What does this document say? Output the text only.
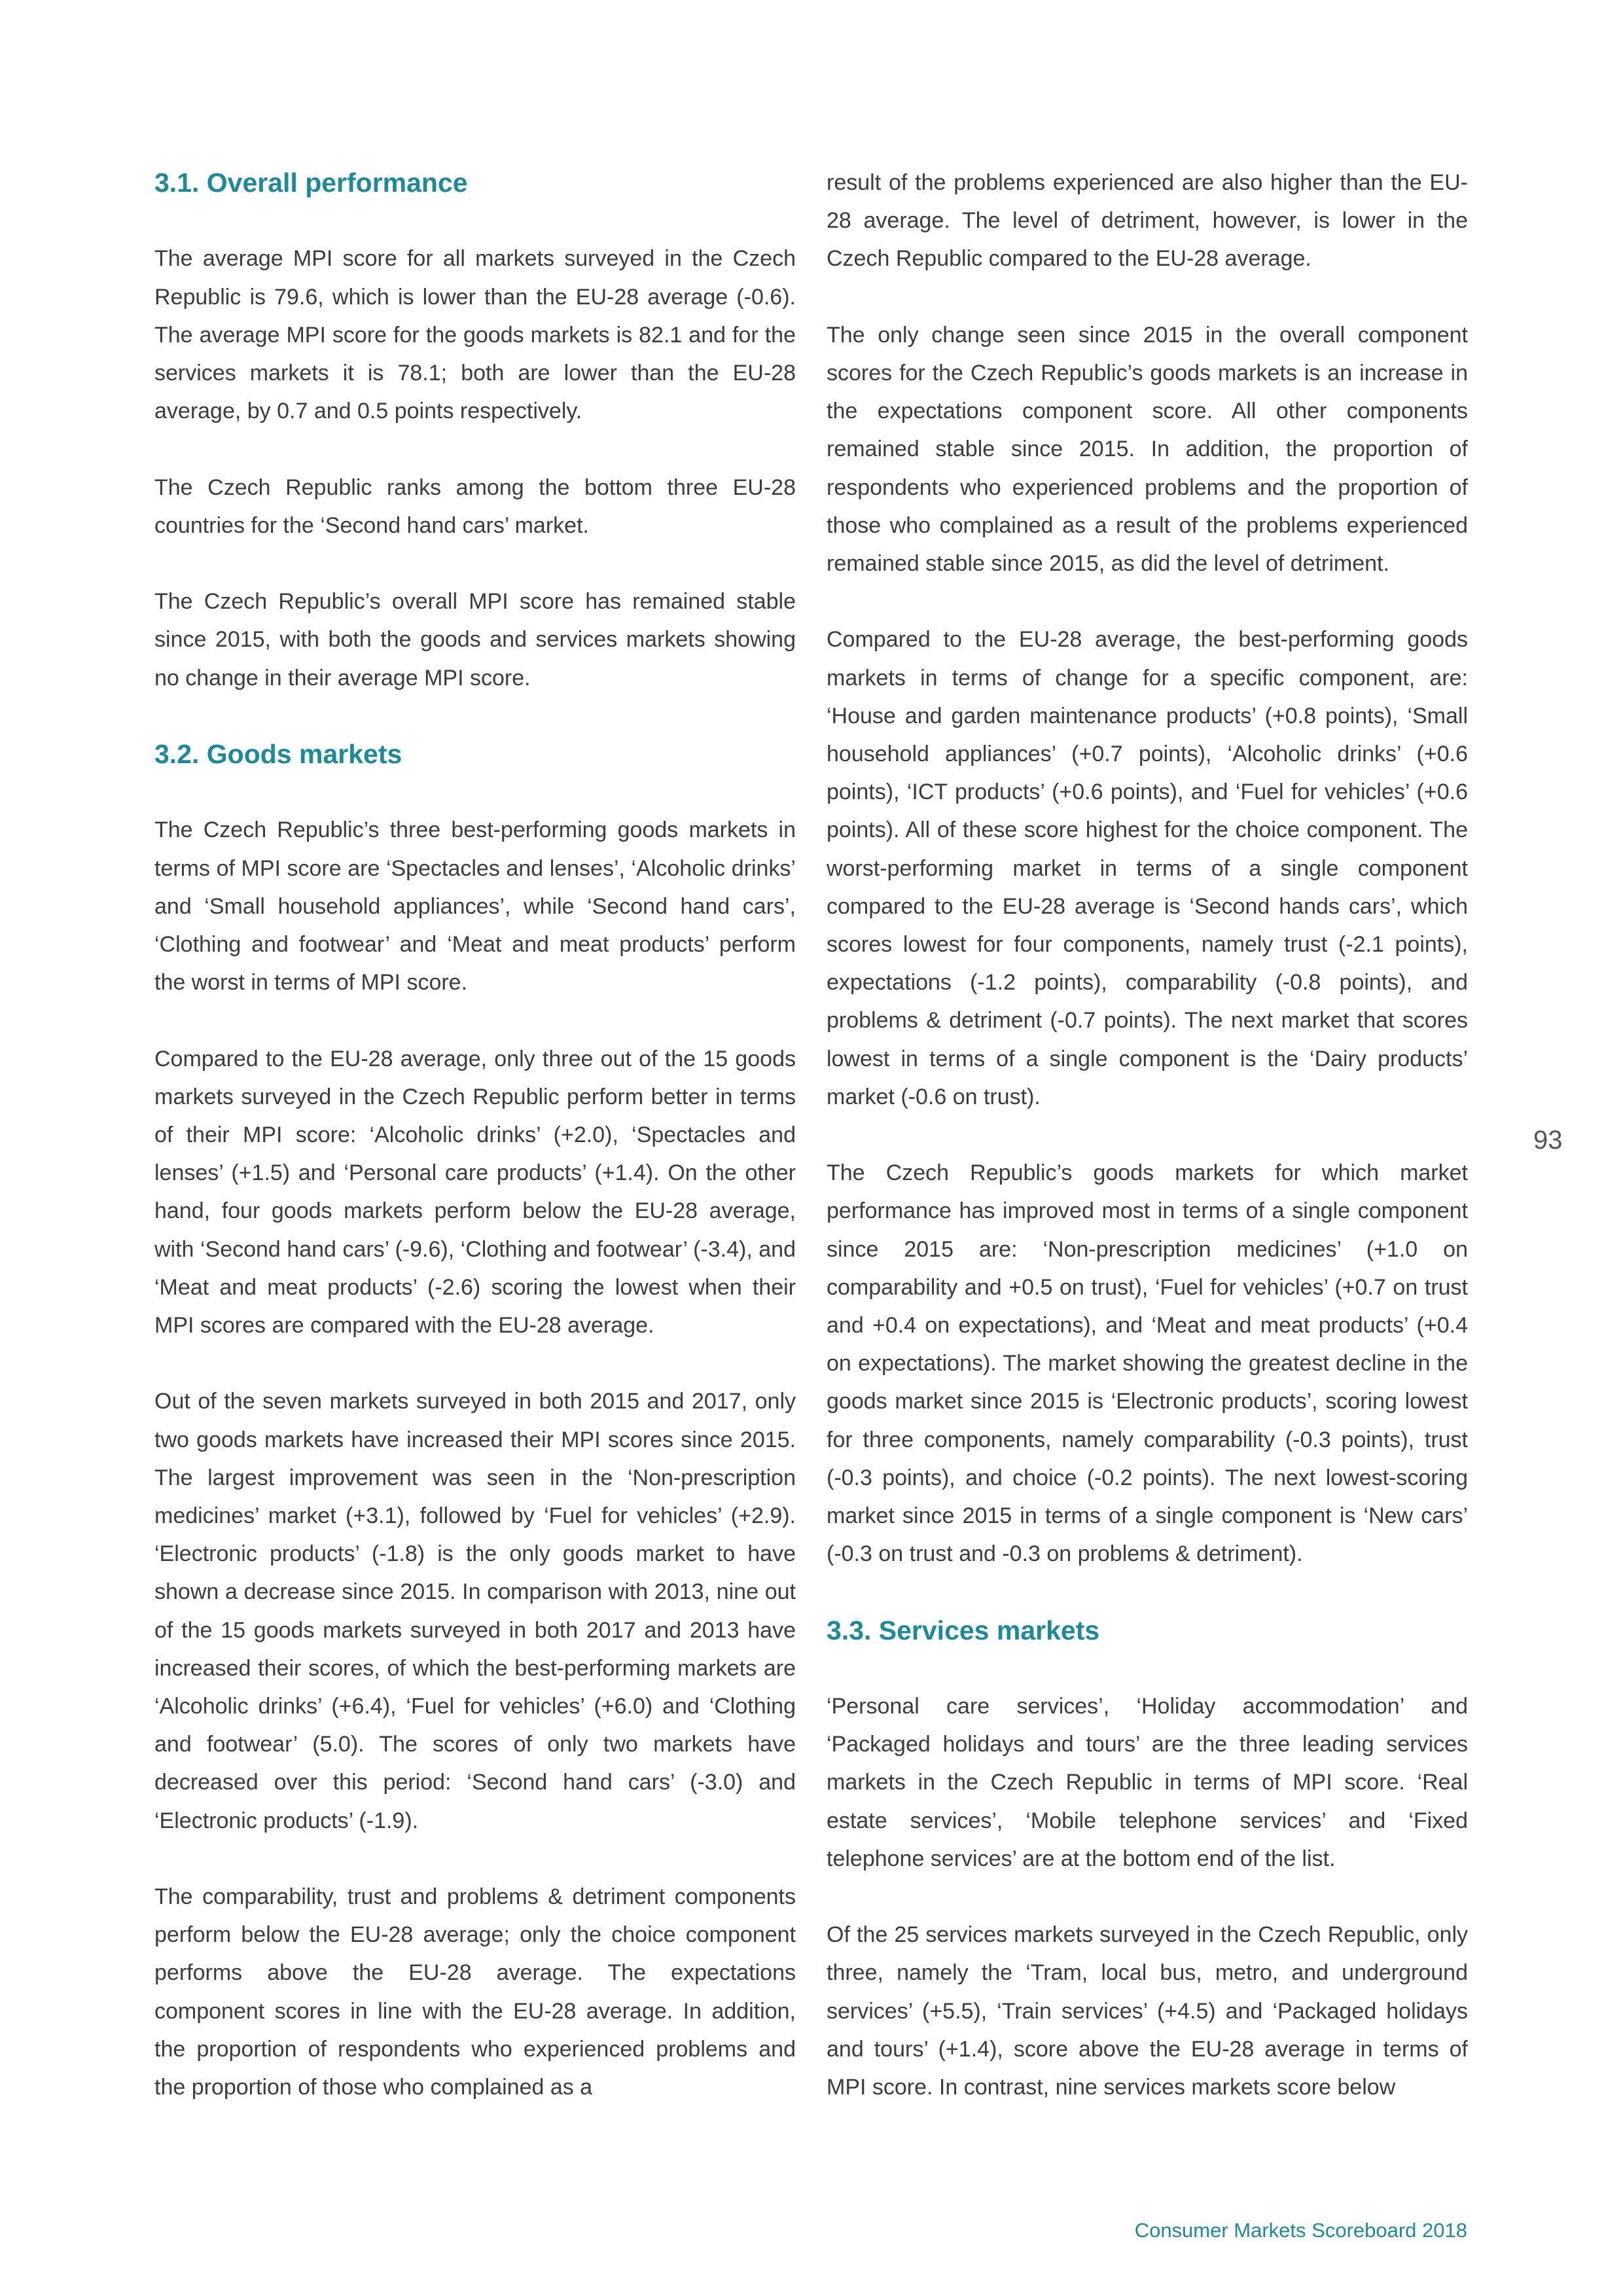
3.1. Overall performance

The average MPI score for all markets surveyed in the Czech Republic is 79.6, which is lower than the EU-28 average (-0.6). The average MPI score for the goods markets is 82.1 and for the services markets it is 78.1; both are lower than the EU-28 average, by 0.7 and 0.5 points respectively.

The Czech Republic ranks among the bottom three EU-28 countries for the ‘Second hand cars’ market.

The Czech Republic’s overall MPI score has remained stable since 2015, with both the goods and services markets showing no change in their average MPI score.

3.2. Goods markets

The Czech Republic’s three best-performing goods markets in terms of MPI score are ‘Spectacles and lenses’, ‘Alcoholic drinks’ and ‘Small household appliances’, while ‘Second hand cars’, ‘Clothing and footwear’ and ‘Meat and meat products’ perform the worst in terms of MPI score.

Compared to the EU-28 average, only three out of the 15 goods markets surveyed in the Czech Republic perform better in terms of their MPI score: ‘Alcoholic drinks’ (+2.0), ‘Spectacles and lenses’ (+1.5) and ‘Personal care products’ (+1.4). On the other hand, four goods markets perform below the EU-28 average, with ‘Second hand cars’ (-9.6), ‘Clothing and footwear’ (-3.4), and ‘Meat and meat products’ (-2.6) scoring the lowest when their MPI scores are compared with the EU-28 average.

Out of the seven markets surveyed in both 2015 and 2017, only two goods markets have increased their MPI scores since 2015. The largest improvement was seen in the ‘Non-prescription medicines’ market (+3.1), followed by ‘Fuel for vehicles’ (+2.9). ‘Electronic products’ (-1.8) is the only goods market to have shown a decrease since 2015. In comparison with 2013, nine out of the 15 goods markets surveyed in both 2017 and 2013 have increased their scores, of which the best-performing markets are ‘Alcoholic drinks’ (+6.4), ‘Fuel for vehicles’ (+6.0) and ‘Clothing and footwear’ (5.0). The scores of only two markets have decreased over this period: ‘Second hand cars’ (-3.0) and ‘Electronic products’ (-1.9).

The comparability, trust and problems & detriment components perform below the EU-28 average; only the choice component performs above the EU-28 average. The expectations component scores in line with the EU-28 average. In addition, the proportion of respondents who experienced problems and the proportion of those who complained as a

result of the problems experienced are also higher than the EU-28 average. The level of detriment, however, is lower in the Czech Republic compared to the EU-28 average.

The only change seen since 2015 in the overall component scores for the Czech Republic’s goods markets is an increase in the expectations component score. All other components remained stable since 2015. In addition, the proportion of respondents who experienced problems and the proportion of those who complained as a result of the problems experienced remained stable since 2015, as did the level of detriment.

Compared to the EU-28 average, the best-performing goods markets in terms of change for a specific component, are: ‘House and garden maintenance products’ (+0.8 points), ‘Small household appliances’ (+0.7 points), ‘Alcoholic drinks’ (+0.6 points), ‘ICT products’ (+0.6 points), and ‘Fuel for vehicles’ (+0.6 points). All of these score highest for the choice component. The worst-performing market in terms of a single component compared to the EU-28 average is ‘Second hands cars’, which scores lowest for four components, namely trust (-2.1 points), expectations (-1.2 points), comparability (-0.8 points), and problems & detriment (-0.7 points). The next market that scores lowest in terms of a single component is the ‘Dairy products’ market (-0.6 on trust).

The Czech Republic’s goods markets for which market performance has improved most in terms of a single component since 2015 are: ‘Non-prescription medicines’ (+1.0 on comparability and +0.5 on trust), ‘Fuel for vehicles’ (+0.7 on trust and +0.4 on expectations), and ‘Meat and meat products’ (+0.4 on expectations). The market showing the greatest decline in the goods market since 2015 is ‘Electronic products’, scoring lowest for three components, namely comparability (-0.3 points), trust (-0.3 points), and choice (-0.2 points). The next lowest-scoring market since 2015 in terms of a single component is ‘New cars’ (-0.3 on trust and -0.3 on problems & detriment).

3.3. Services markets

‘Personal care services’, ‘Holiday accommodation’ and ‘Packaged holidays and tours’ are the three leading services markets in the Czech Republic in terms of MPI score. ‘Real estate services’, ‘Mobile telephone services’ and ‘Fixed telephone services’ are at the bottom end of the list.

Of the 25 services markets surveyed in the Czech Republic, only three, namely the ‘Tram, local bus, metro, and underground services’ (+5.5), ‘Train services’ (+4.5) and ‘Packaged holidays and tours’ (+1.4), score above the EU-28 average in terms of MPI score. In contrast, nine services markets score below

93
Consumer Markets Scoreboard 2018
